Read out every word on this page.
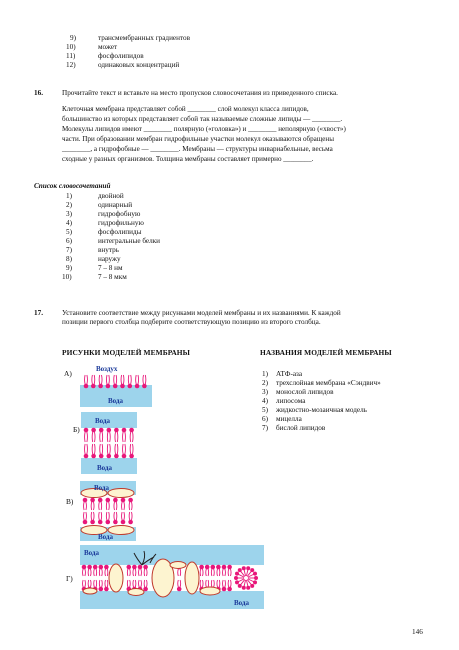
9)	трансмембранных градиентов
10)	может
11)	фосфолипидов
12)	одинаковых концентраций
16.	Прочитайте текст и вставьте на место пропусков словосочетания из приведенного списка.
Клеточная мембрана представляет собой ________ слой молекул класса липидов,
большинство из которых представляет собой так называемые сложные липиды — ________.
Молекулы липидов имеют ________ полярную («головка») и ________ неполярную («хвост»)
части. При образовании мембран гидрофильные участки молекул оказываются обращены
________, а гидрофобные — ________. Мембраны — структуры инвариабельные, весьма
сходные у разных организмов. Толщина мембраны составляет примерно ________.
Список словосочетаний
1)	двойной
2)	одинарный
3)	гидрофобную
4)	гидрофильную
5)	фосфолипиды
6)	интегральные белки
7)	внутрь
8)	наружу
9)	7 – 8 нм
10)	7 – 8 мкм
17.	Установите соответствие между рисунками моделей мембраны и их названиями. К каждой
позиции первого столбца подберите соответствующую позицию из второго столбца.
РИСУНКИ МОДЕЛЕЙ МЕМБРАНЫ	НАЗВАНИЯ МОДЕЛЕЙ МЕМБРАНЫ
1) АТФ-аза
2) трехслойная мембрана «Сэндвич»
3) монослой липидов
4) липосома
5) жидкостно-мозаичная модель
6) мицелла
7) бислой липидов
А)
Б)
В)
Г)
Воздух
Вода
Вода
Вода
Вода
Вода
Вода
Вода
146
